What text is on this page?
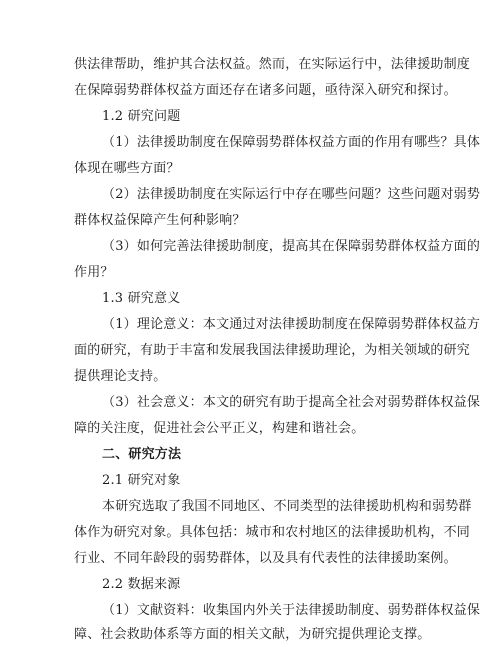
供法律帮助，维护其合法权益。然而，在实际运行中，法律援助制度
在保障弱势群体权益方面还存在诸多问题，亟待深入研究和探讨。
1.2 研究问题
（1）法律援助制度在保障弱势群体权益方面的作用有哪些？具体
体现在哪些方面？
（2）法律援助制度在实际运行中存在哪些问题？这些问题对弱势
群体权益保障产生何种影响？
（3）如何完善法律援助制度，提高其在保障弱势群体权益方面的
作用？
1.3 研究意义
（1）理论意义：本文通过对法律援助制度在保障弱势群体权益方
面的研究，有助于丰富和发展我国法律援助理论，为相关领域的研究
提供理论支持。
（3）社会意义：本文的研究有助于提高全社会对弱势群体权益保
障的关注度，促进社会公平正义，构建和谐社会。
二、研究方法
2.1 研究对象
本研究选取了我国不同地区、不同类型的法律援助机构和弱势群
体作为研究对象。具体包括：城市和农村地区的法律援助机构，不同
行业、不同年龄段的弱势群体，以及具有代表性的法律援助案例。
2.2 数据来源
（1）文献资料：收集国内外关于法律援助制度、弱势群体权益保
障、社会救助体系等方面的相关文献，为研究提供理论支撑。
